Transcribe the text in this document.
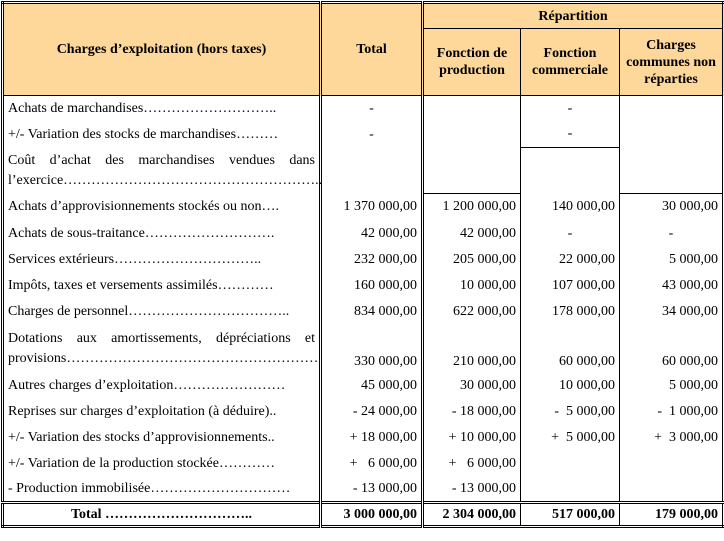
Charges d’exploitation (hors taxes)	Total	Répartition		
		Fonction de production	Fonction commerciale	Charges communes non réparties
Achats de marchandises………………………..	-		-	
+/- Variation des stocks de marchandises………	-		-	
Coût d’achat des marchandises vendues dans l’exercice………………………………………………..				
Achats d’approvisionnements stockés ou non….	1 370 000,00	1 200 000,00	140 000,00	30 000,00
Achats de sous-traitance……………………….	42 000,00	42 000,00	-	-
Services extérieurs…………………………..	232 000,00	205 000,00	22 000,00	5 000,00
Impôts, taxes et versements assimilés…………	160 000,00	10 000,00	107 000,00	43 000,00
Charges de personnel……………………………..	834 000,00	622 000,00	178 000,00	34 000,00
Dotations aux amortissements, dépréciations et provisions………………………………………………	330 000,00	210 000,00	60 000,00	60 000,00
Autres charges d’exploitation……………………	45 000,00	30 000,00	10 000,00	5 000,00
Reprises sur charges d’exploitation (à déduire)..	- 24 000,00	- 18 000,00	-  5 000,00	-  1 000,00
+/- Variation des stocks d’approvisionnements..	+ 18 000,00	+ 10 000,00	+  5 000,00	+  3 000,00
+/- Variation de la production stockée…………	+   6 000,00	+   6 000,00		
- Production immobilisée…………………………	- 13 000,00	- 13 000,00		
Total …………………………..	3 000 000,00	2 304 000,00	517 000,00	179 000,00
